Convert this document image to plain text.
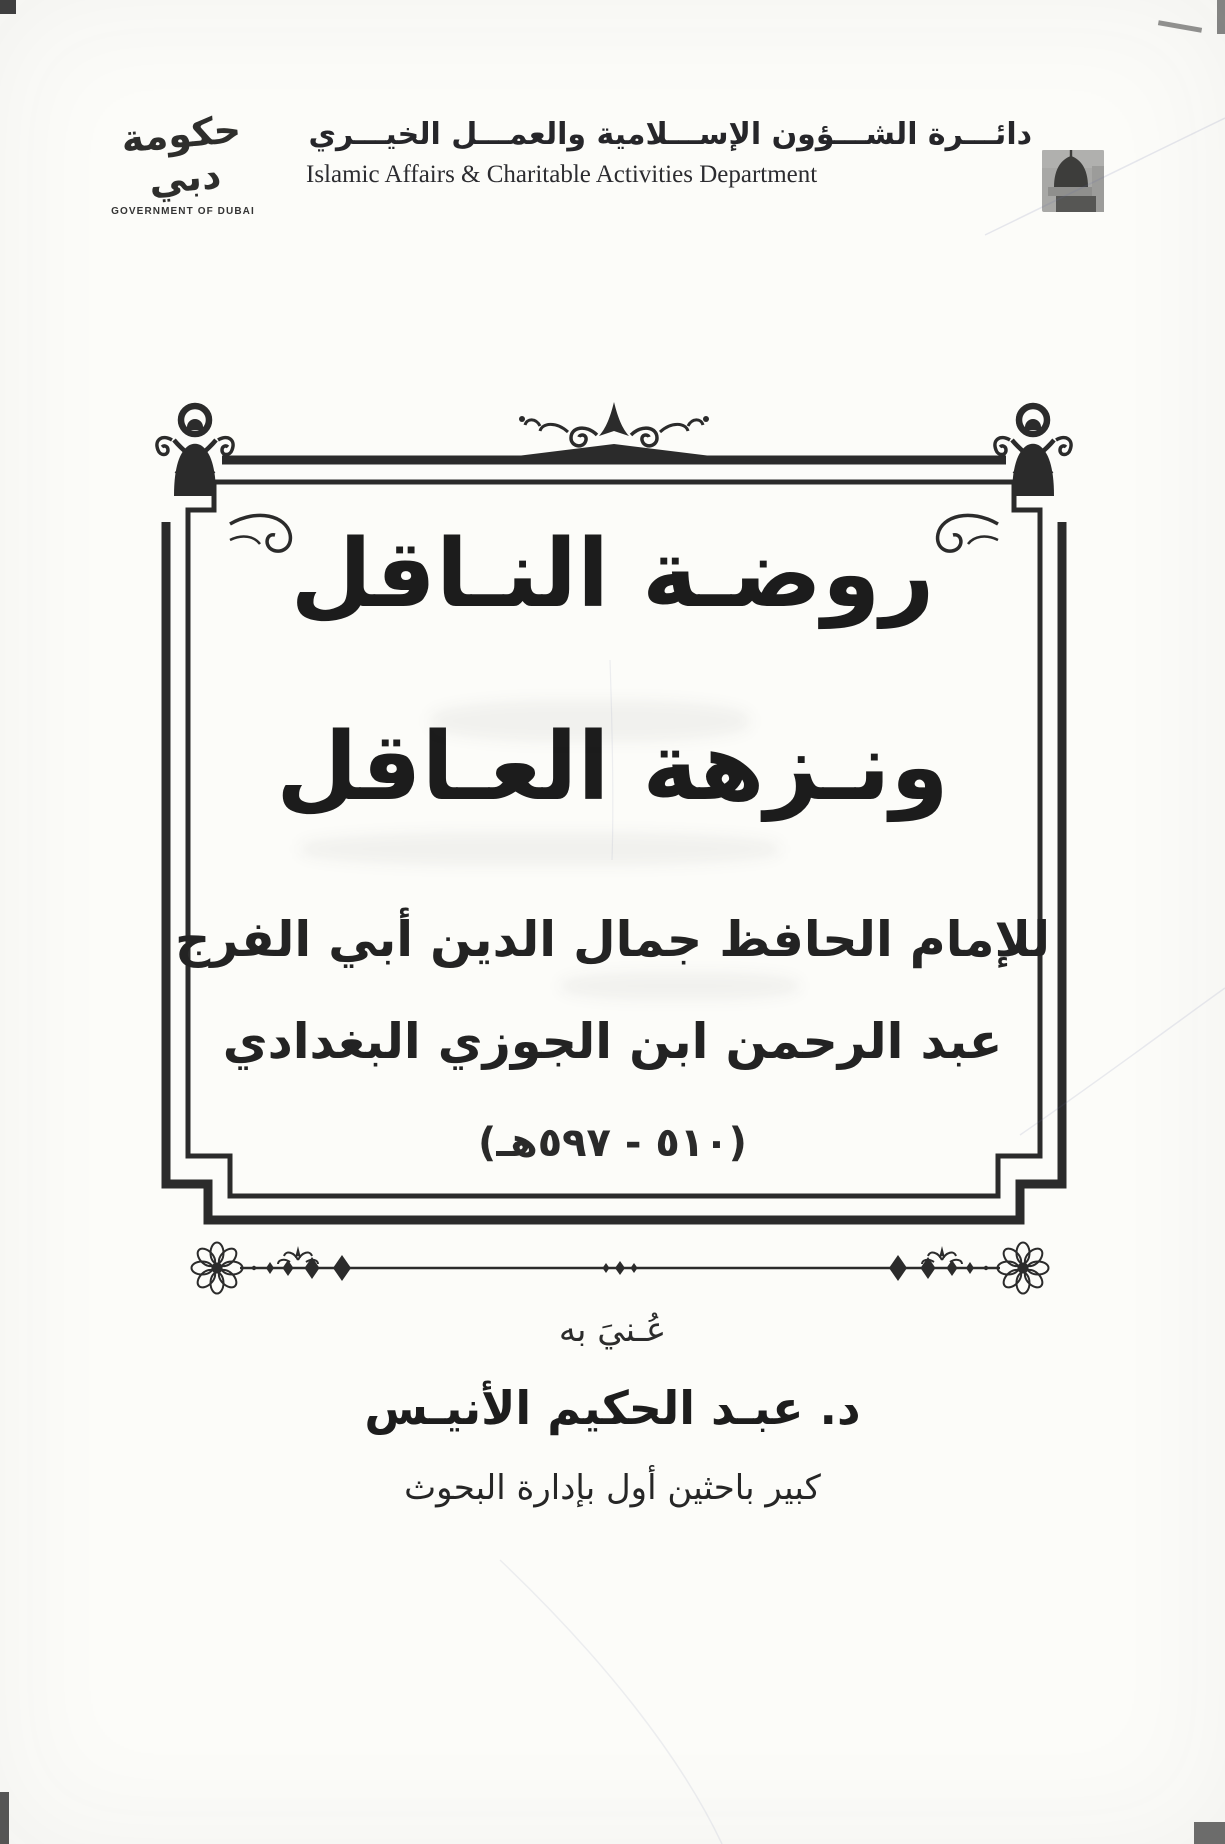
حكومة دبي
GOVERNMENT OF DUBAI
دائـــرة الشـــؤون الإســـلامية والعمـــل الخيـــري
Islamic Affairs & Charitable Activities Department
روضـة النـاقل
ونـزهة العـاقل
للإمام الحافظ جمال الدين أبي الفرج
عبد الرحمن ابن الجوزي البغدادي
(٥١٠ - ٥٩٧هـ)
عُـنيَ به
د. عبـد الحكيم الأنيـس
كبير باحثين أول بإدارة البحوث
